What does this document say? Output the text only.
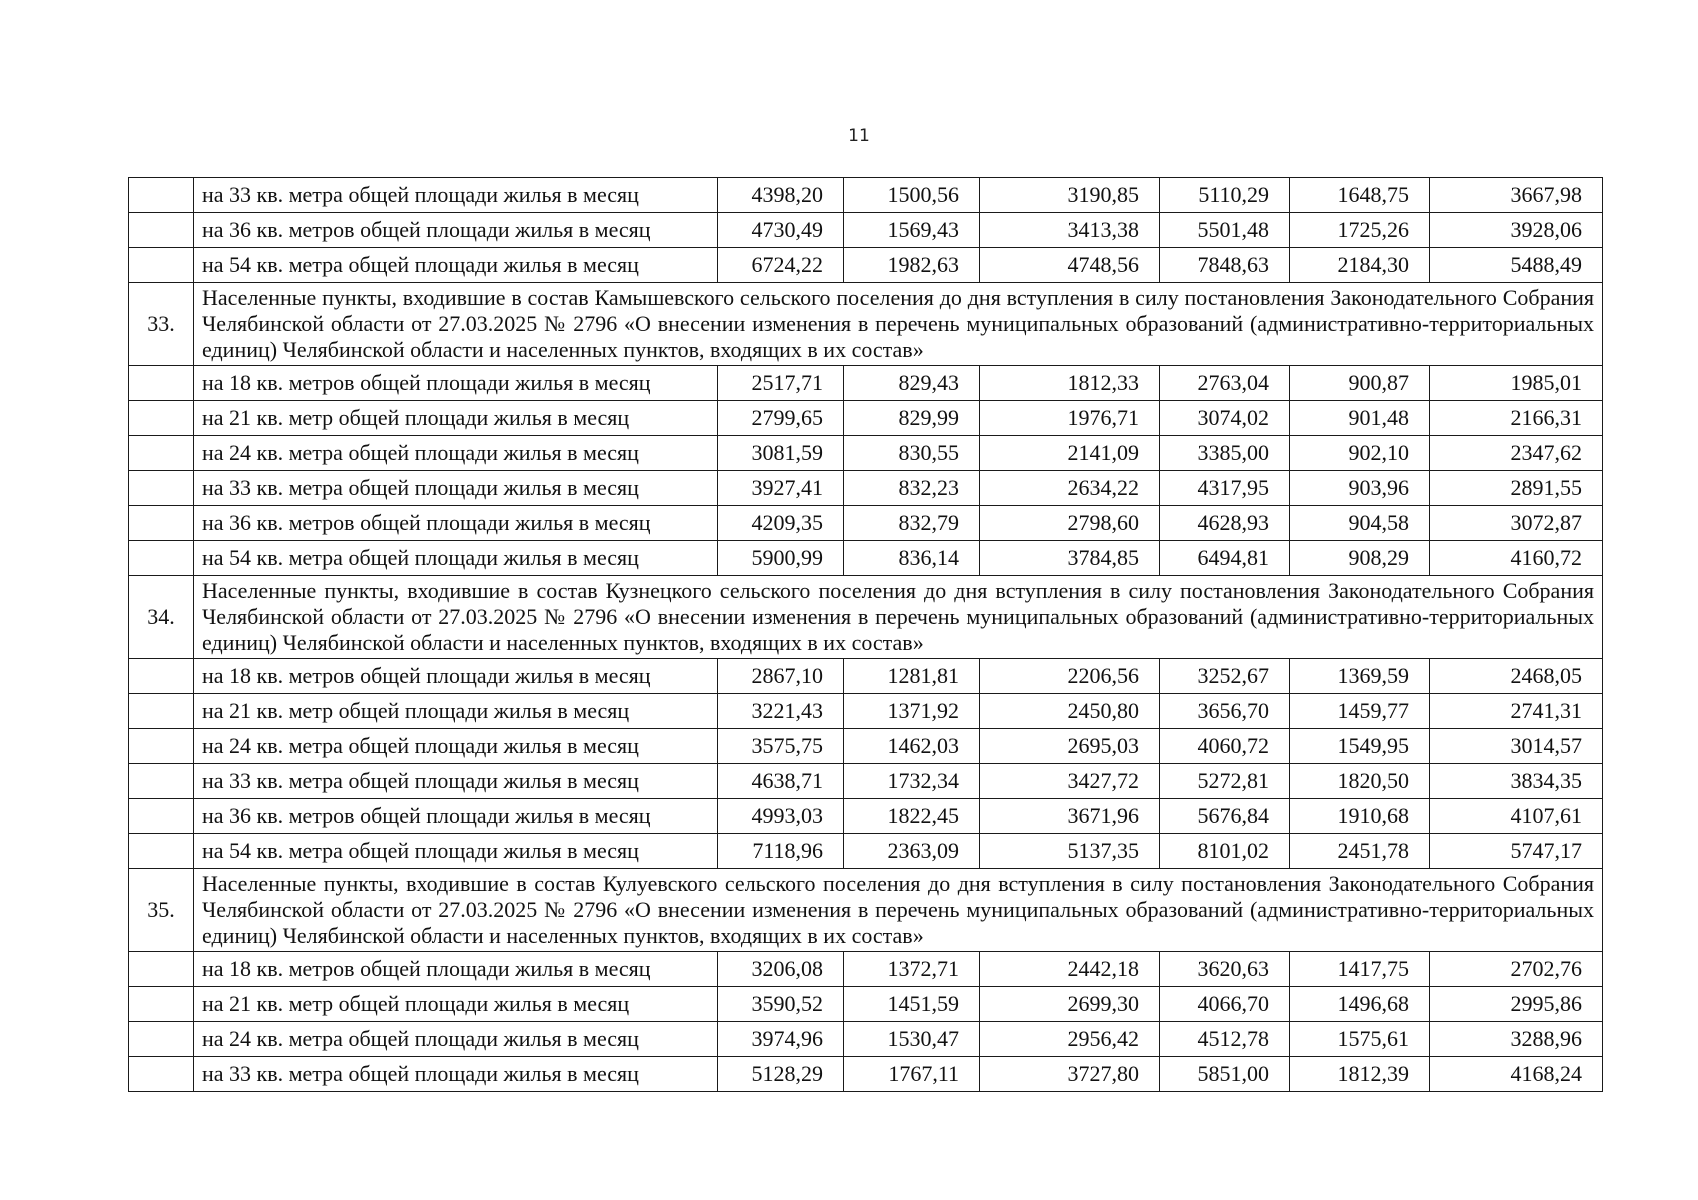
11
	на 33 кв. метра общей площади жилья в месяц	4398,20	1500,56	3190,85	5110,29	1648,75	3667,98
	на 36 кв. метров общей площади жилья в месяц	4730,49	1569,43	3413,38	5501,48	1725,26	3928,06
	на 54 кв. метра общей площади жилья в месяц	6724,22	1982,63	4748,56	7848,63	2184,30	5488,49
33.	Населенные пункты, входившие в состав Камышевского сельского поселения до дня вступления в силу постановления Законодательного Собрания Челябинской области от 27.03.2025 № 2796 «О внесении изменения в перечень муниципальных образований (административно-территориальных единиц) Челябинской области и населенных пунктов, входящих в их состав»						
	на 18 кв. метров общей площади жилья в месяц	2517,71	829,43	1812,33	2763,04	900,87	1985,01
	на 21 кв. метр общей площади жилья в месяц	2799,65	829,99	1976,71	3074,02	901,48	2166,31
	на 24 кв. метра общей площади жилья в месяц	3081,59	830,55	2141,09	3385,00	902,10	2347,62
	на 33 кв. метра общей площади жилья в месяц	3927,41	832,23	2634,22	4317,95	903,96	2891,55
	на 36 кв. метров общей площади жилья в месяц	4209,35	832,79	2798,60	4628,93	904,58	3072,87
	на 54 кв. метра общей площади жилья в месяц	5900,99	836,14	3784,85	6494,81	908,29	4160,72
34.	Населенные пункты, входившие в состав Кузнецкого сельского поселения до дня вступления в силу постановления Законодательного Собрания Челябинской области от 27.03.2025 № 2796 «О внесении изменения в перечень муниципальных образований (административно-территориальных единиц) Челябинской области и населенных пунктов, входящих в их состав»						
	на 18 кв. метров общей площади жилья в месяц	2867,10	1281,81	2206,56	3252,67	1369,59	2468,05
	на 21 кв. метр общей площади жилья в месяц	3221,43	1371,92	2450,80	3656,70	1459,77	2741,31
	на 24 кв. метра общей площади жилья в месяц	3575,75	1462,03	2695,03	4060,72	1549,95	3014,57
	на 33 кв. метра общей площади жилья в месяц	4638,71	1732,34	3427,72	5272,81	1820,50	3834,35
	на 36 кв. метров общей площади жилья в месяц	4993,03	1822,45	3671,96	5676,84	1910,68	4107,61
	на 54 кв. метра общей площади жилья в месяц	7118,96	2363,09	5137,35	8101,02	2451,78	5747,17
35.	Населенные пункты, входившие в состав Кулуевского сельского поселения до дня вступления в силу постановления Законодательного Собрания Челябинской области от 27.03.2025 № 2796 «О внесении изменения в перечень муниципальных образований (административно-территориальных единиц) Челябинской области и населенных пунктов, входящих в их состав»						
	на 18 кв. метров общей площади жилья в месяц	3206,08	1372,71	2442,18	3620,63	1417,75	2702,76
	на 21 кв. метр общей площади жилья в месяц	3590,52	1451,59	2699,30	4066,70	1496,68	2995,86
	на 24 кв. метра общей площади жилья в месяц	3974,96	1530,47	2956,42	4512,78	1575,61	3288,96
	на 33 кв. метра общей площади жилья в месяц	5128,29	1767,11	3727,80	5851,00	1812,39	4168,24
